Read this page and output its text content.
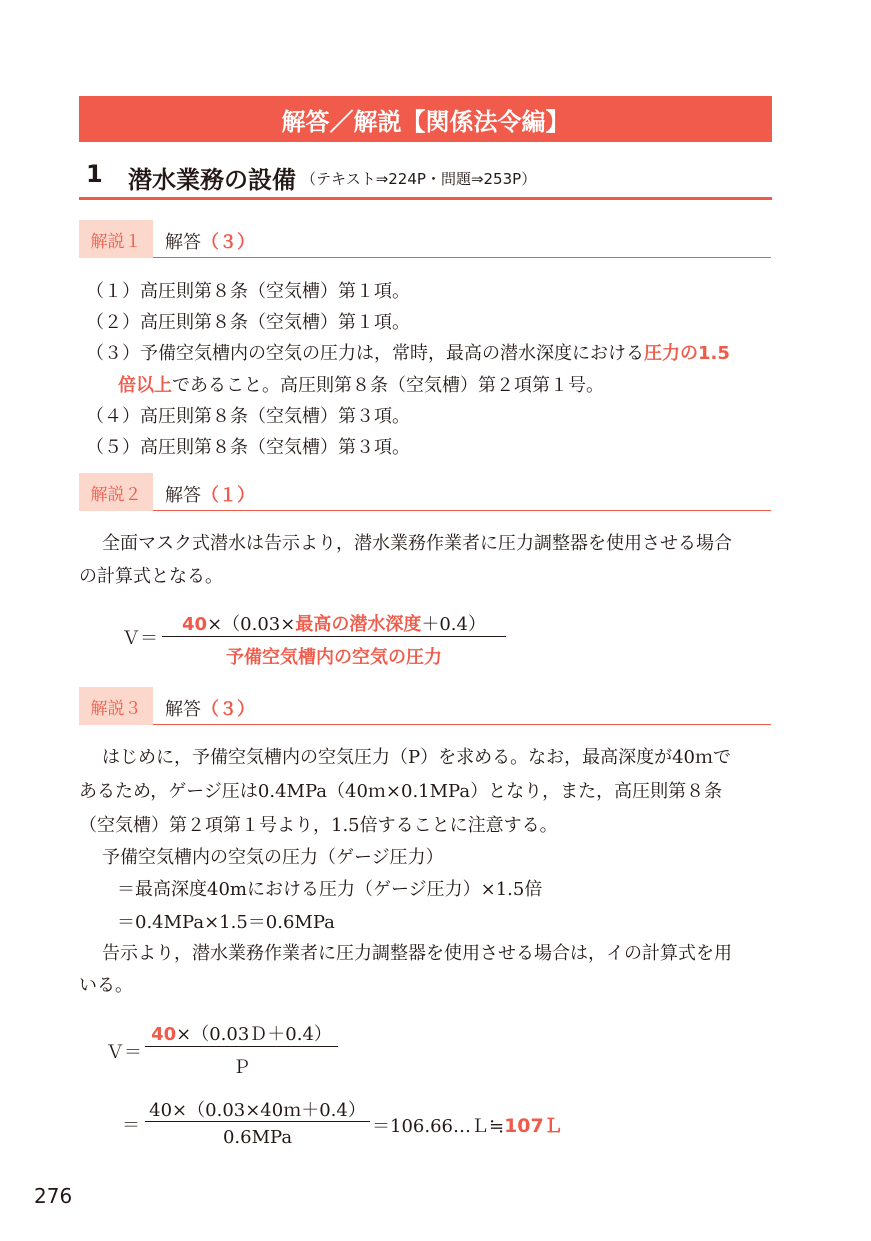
解答／解説【関係法令編】
1 潜水業務の設備 （テキスト⇒224P・問題⇒253P）
解説１	解答（３）
（１）高圧則第８条（空気槽）第１項。
（２）高圧則第８条（空気槽）第１項。
（３）予備空気槽内の空気の圧力は，常時，最高の潜水深度における圧力の1.5
倍以上であること。高圧則第８条（空気槽）第２項第１号。
（４）高圧則第８条（空気槽）第３項。
（５）高圧則第８条（空気槽）第３項。
解説２	解答（１）
全面マスク式潜水は告示より，潜水業務作業者に圧力調整器を使用させる場合
の計算式となる。
Ｖ＝
40×（0.03×最高の潜水深度＋0.4）
予備空気槽内の空気の圧力
解説３	解答（３）
はじめに，予備空気槽内の空気圧力（P）を求める。なお，最高深度が40ｍで
あるため，ゲージ圧は0.4MPa（40ｍ×0.1MPa）となり，また，高圧則第８条
（空気槽）第２項第１号より，1.5倍することに注意する。
予備空気槽内の空気の圧力（ゲージ圧力）
＝最高深度40mにおける圧力（ゲージ圧力）×1.5倍
＝0.4MPa×1.5＝0.6MPa
告示より，潜水業務作業者に圧力調整器を使用させる場合は，イの計算式を用
いる。
Ｖ＝
40×（0.03Ｄ＋0.4）
Ｐ
＝
40×（0.03×40ｍ＋0.4）
0.6MPa
＝106.66…Ｌ≒107Ｌ
276
